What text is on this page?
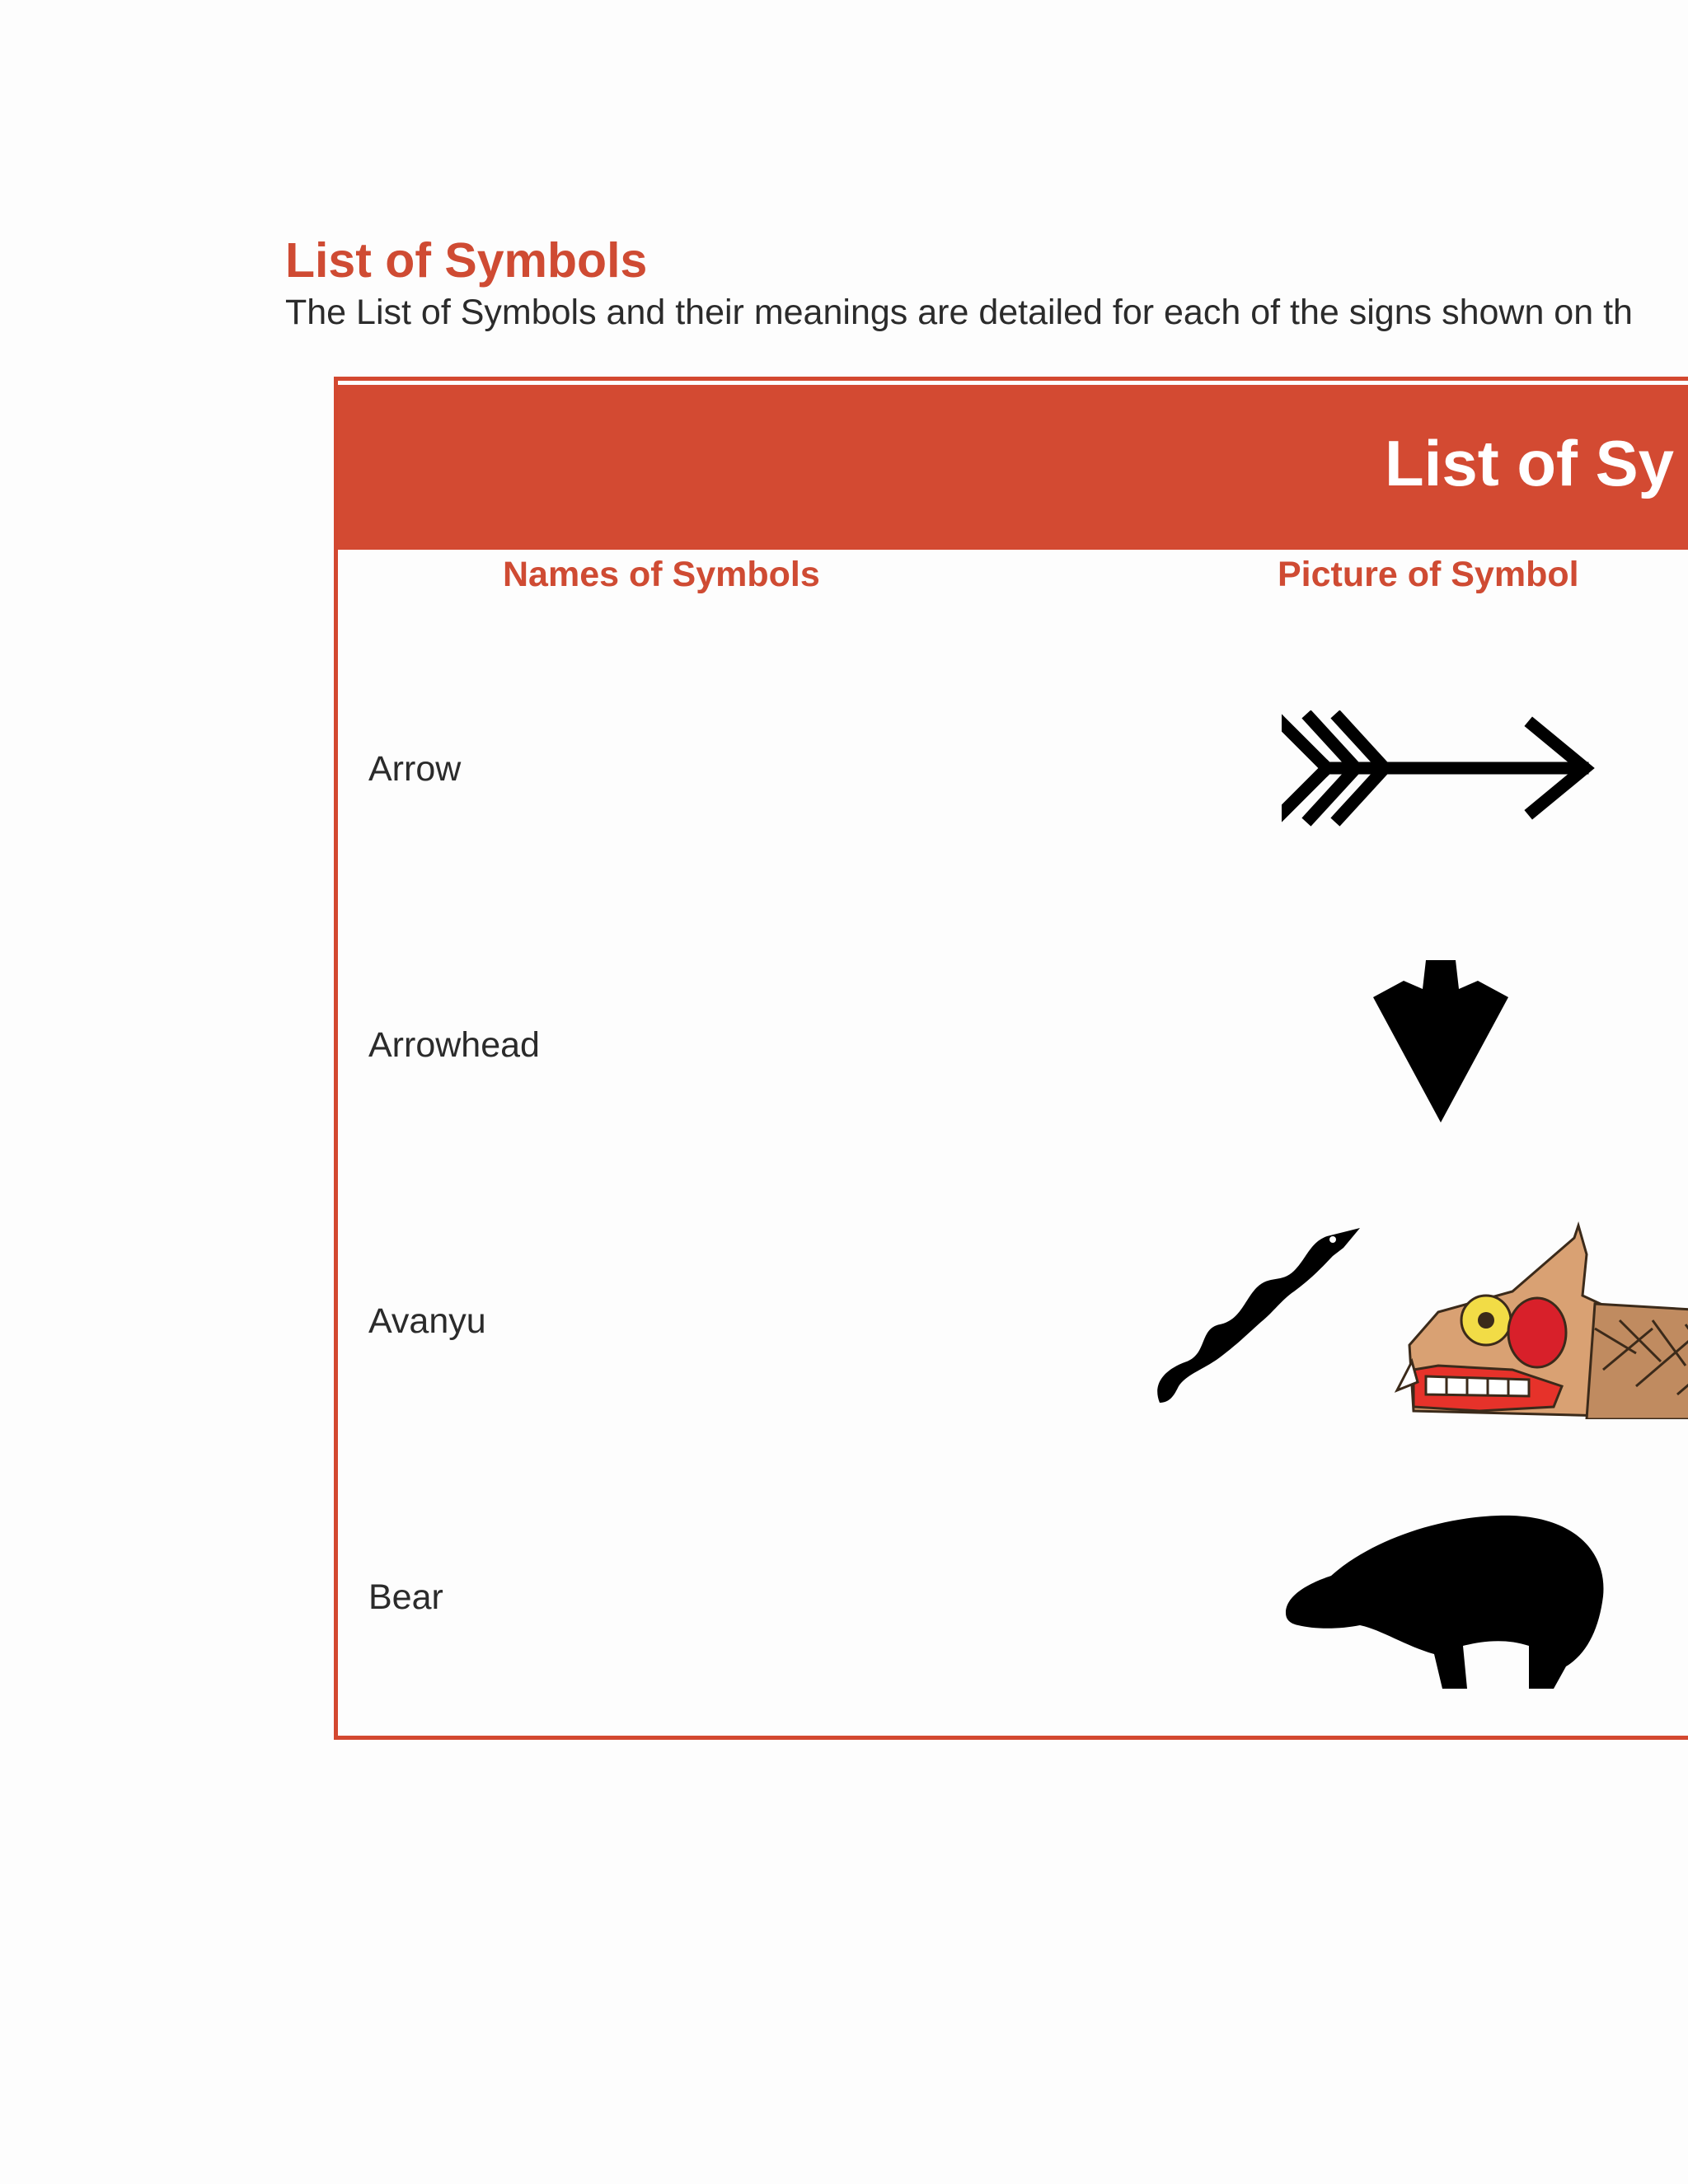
List of Symbols

The List of Symbols and their meanings are detailed for each of the signs shown on th

List of Sy
Names of Symbols	Picture of Symbol
Arrow
Arrowhead
Avanyu
Bear
